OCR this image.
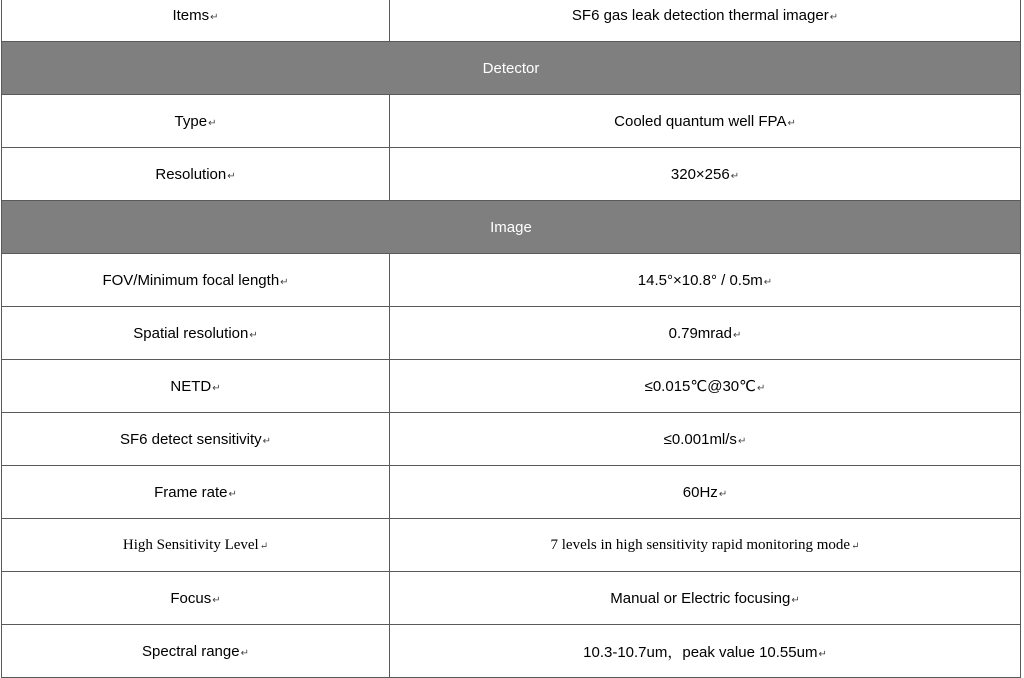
Items↵	SF6 gas leak detection thermal imager↵
Detector	
Type↵	Cooled quantum well FPA↵
Resolution↵	320×256↵
Image	
FOV/Minimum focal length↵	14.5°×10.8° / 0.5m↵
Spatial resolution↵	0.79mrad↵
NETD↵	≤0.015℃@30℃↵
SF6 detect sensitivity↵	≤0.001ml/s↵
Frame rate↵	60Hz↵
High Sensitivity Level↵	7 levels in high sensitivity rapid monitoring mode↵
Focus↵	Manual or Electric focusing↵
Spectral range↵	10.3-10.7um，peak value 10.55um↵
